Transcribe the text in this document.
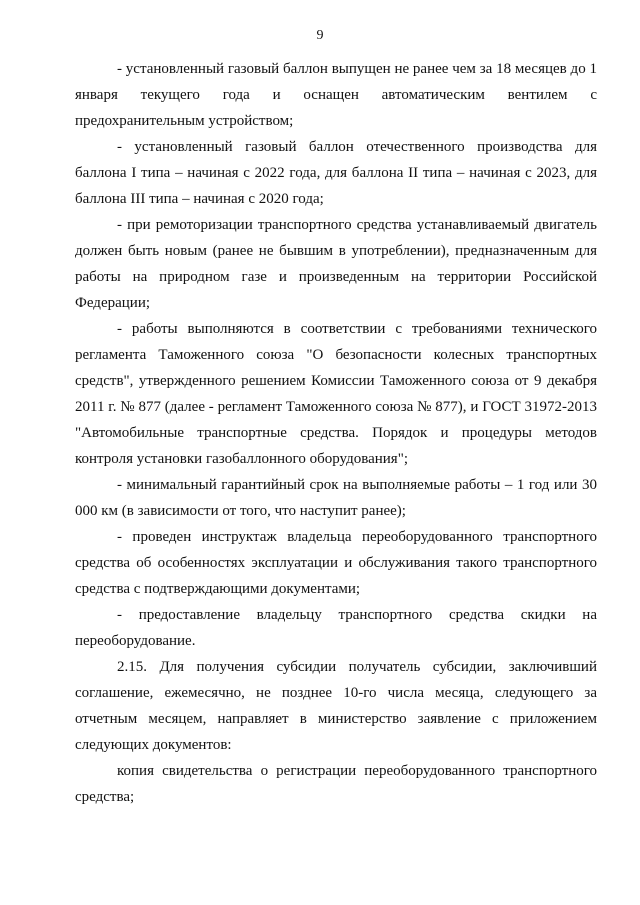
9

- установленный газовый баллон выпущен не ранее чем за 18 месяцев до 1 января текущего года и оснащен автоматическим вентилем с предохранительным устройством;

- установленный газовый баллон отечественного производства для баллона I типа – начиная с 2022 года, для баллона II типа – начиная с 2023, для баллона III типа – начиная с 2020 года;

- при ремоторизации транспортного средства устанавливаемый двигатель должен быть новым (ранее не бывшим в употреблении), предназначенным для работы на природном газе и произведенным на территории Российской Федерации;

- работы выполняются в соответствии с требованиями технического регламента Таможенного союза "О безопасности колесных транспортных средств", утвержденного решением Комиссии Таможенного союза от 9 декабря 2011 г. № 877 (далее - регламент Таможенного союза № 877), и ГОСТ 31972-2013 "Автомобильные транспортные средства. Порядок и процедуры методов контроля установки газобаллонного оборудования";

- минимальный гарантийный срок на выполняемые работы – 1 год или 30 000 км (в зависимости от того, что наступит ранее);

- проведен инструктаж владельца переоборудованного транспортного средства об особенностях эксплуатации и обслуживания такого транспортного средства с подтверждающими документами;

- предоставление владельцу транспортного средства скидки на переоборудование.

2.15. Для получения субсидии получатель субсидии, заключивший соглашение, ежемесячно, не позднее 10-го числа месяца, следующего за отчетным месяцем, направляет в министерство заявление с приложением следующих документов:

копия свидетельства о регистрации переоборудованного транспортного средства;
